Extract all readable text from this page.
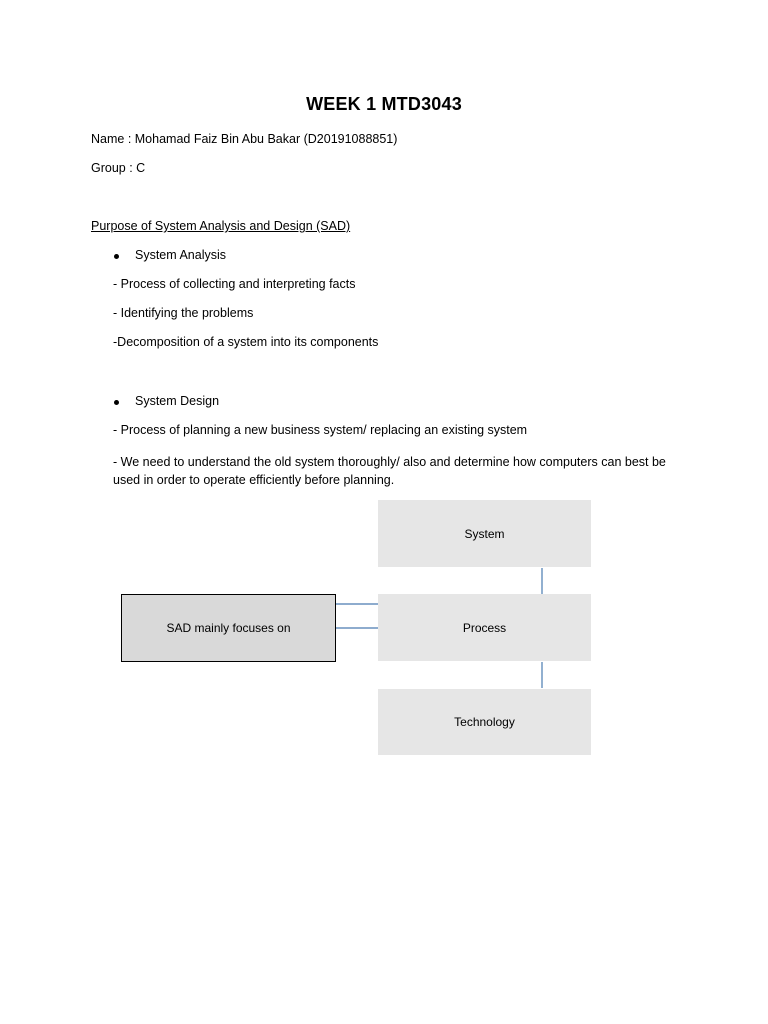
WEEK 1 MTD3043
Name : Mohamad Faiz Bin Abu Bakar (D20191088851)
Group : C
Purpose of System Analysis and Design (SAD)
System Analysis
- Process of collecting and interpreting facts
- Identifying the problems
-Decomposition of a system into its components
System Design
- Process of planning a new business system/ replacing an existing system
- We need to understand the old system thoroughly/ also and determine how computers can best be used in order to operate efficiently before planning.
SAD mainly focuses on
System
Process
Technology
